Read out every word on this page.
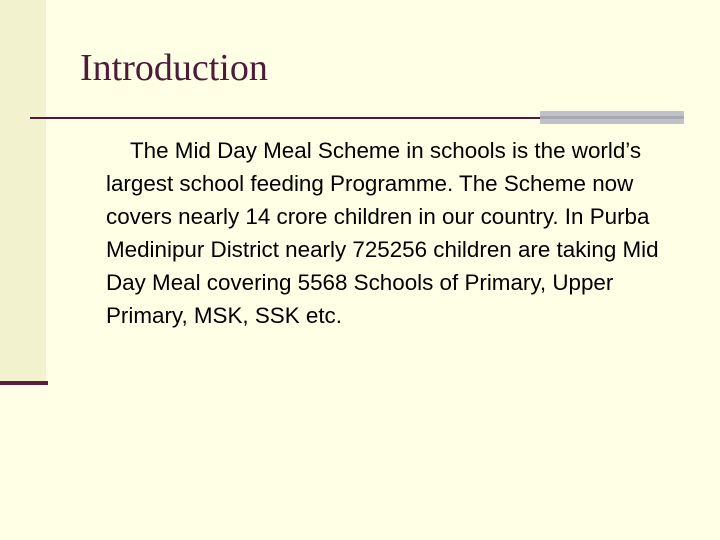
Introduction

The Mid Day Meal Scheme in schools is the world’s largest school feeding Programme. The Scheme now covers nearly 14 crore children in our country. In Purba Medinipur District nearly 725256 children are taking Mid Day Meal covering 5568 Schools of Primary, Upper Primary, MSK, SSK etc.
